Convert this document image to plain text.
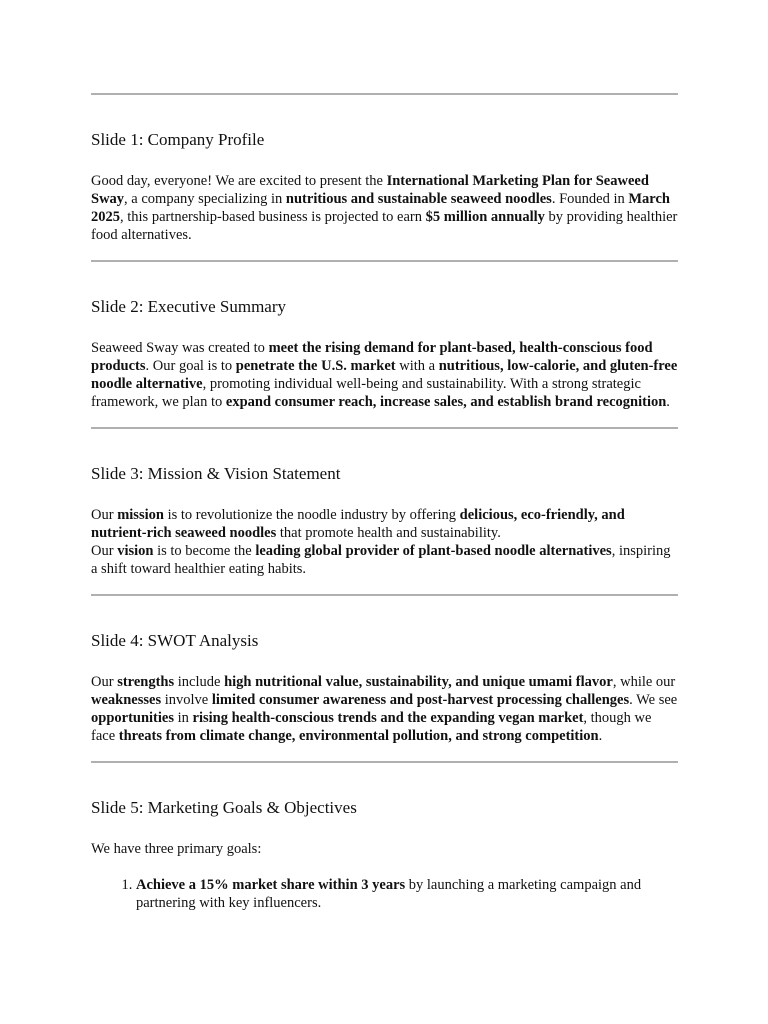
Slide 1: Company Profile

Good day, everyone! We are excited to present the International Marketing Plan for Seaweed Sway, a company specializing in nutritious and sustainable seaweed noodles. Founded in March 2025, this partnership-based business is projected to earn $5 million annually by providing healthier food alternatives.

Slide 2: Executive Summary

Seaweed Sway was created to meet the rising demand for plant-based, health-conscious food products. Our goal is to penetrate the U.S. market with a nutritious, low-calorie, and gluten-free noodle alternative, promoting individual well-being and sustainability. With a strong strategic framework, we plan to expand consumer reach, increase sales, and establish brand recognition.

Slide 3: Mission & Vision Statement

Our mission is to revolutionize the noodle industry by offering delicious, eco-friendly, and nutrient-rich seaweed noodles that promote health and sustainability.

Our vision is to become the leading global provider of plant-based noodle alternatives, inspiring a shift toward healthier eating habits.

Slide 4: SWOT Analysis

Our strengths include high nutritional value, sustainability, and unique umami flavor, while our weaknesses involve limited consumer awareness and post-harvest processing challenges. We see opportunities in rising health-conscious trends and the expanding vegan market, though we face threats from climate change, environmental pollution, and strong competition.

Slide 5: Marketing Goals & Objectives

We have three primary goals:

1. Achieve a 15% market share within 3 years by launching a marketing campaign and partnering with key influencers.
